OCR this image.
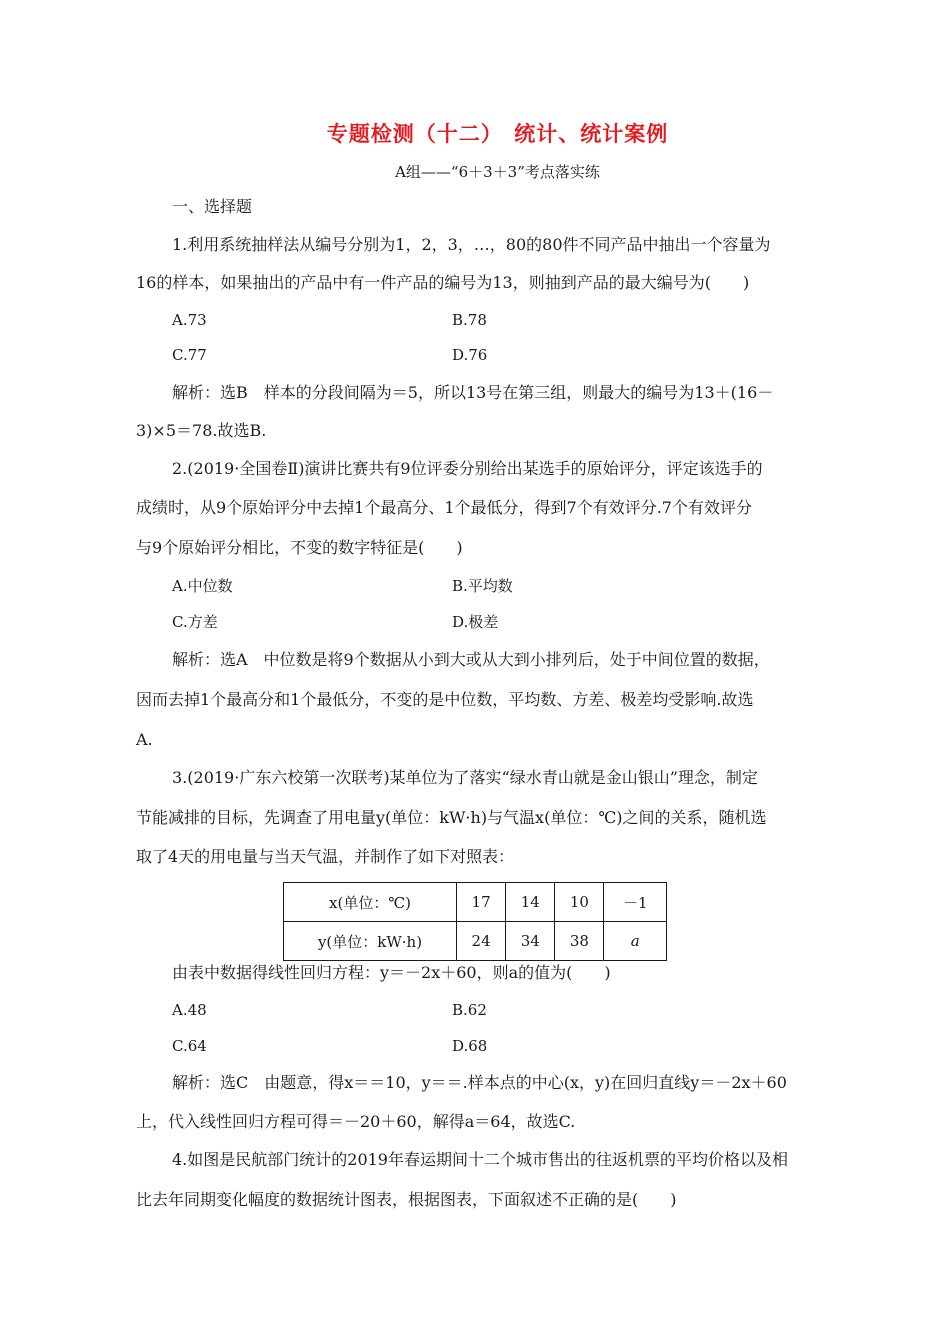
专题检测（十二）　统计、统计案例
A组——“6＋3＋3”考点落实练
一、选择题
1.利用系统抽样法从编号分别为1，2，3，…，80的80件不同产品中抽出一个容量为
16的样本，如果抽出的产品中有一件产品的编号为13，则抽到产品的最大编号为(　　)
A.73	B.78
C.77	D.76
解析：选B　样本的分段间隔为＝5，所以13号在第三组，则最大的编号为13＋(16－
3)×5＝78.故选B.
2.(2019·全国卷Ⅱ)演讲比赛共有9位评委分别给出某选手的原始评分，评定该选手的
成绩时，从9个原始评分中去掉1个最高分、1个最低分，得到7个有效评分.7个有效评分
与9个原始评分相比，不变的数字特征是(　　)
A.中位数	B.平均数
C.方差	D.极差
解析：选A　中位数是将9个数据从小到大或从大到小排列后，处于中间位置的数据，
因而去掉1个最高分和1个最低分，不变的是中位数，平均数、方差、极差均受影响.故选
A.
3.(2019·广东六校第一次联考)某单位为了落实“绿水青山就是金山银山”理念，制定
节能减排的目标，先调查了用电量y(单位：kW·h)与气温x(单位：℃)之间的关系，随机选
取了4天的用电量与当天气温，并制作了如下对照表：
x(单位：℃)	17	14	10	－1
y(单位：kW·h)	24	34	38	a
由表中数据得线性回归方程：y＝－2x＋60，则a的值为(　　)
A.48	B.62
C.64	D.68
解析：选C　由题意，得x＝＝10，y＝＝.样本点的中心(x，y)在回归直线y＝－2x＋60
上，代入线性回归方程可得＝－20＋60，解得a＝64，故选C.
4.如图是民航部门统计的2019年春运期间十二个城市售出的往返机票的平均价格以及相
比去年同期变化幅度的数据统计图表，根据图表，下面叙述不正确的是(　　)
